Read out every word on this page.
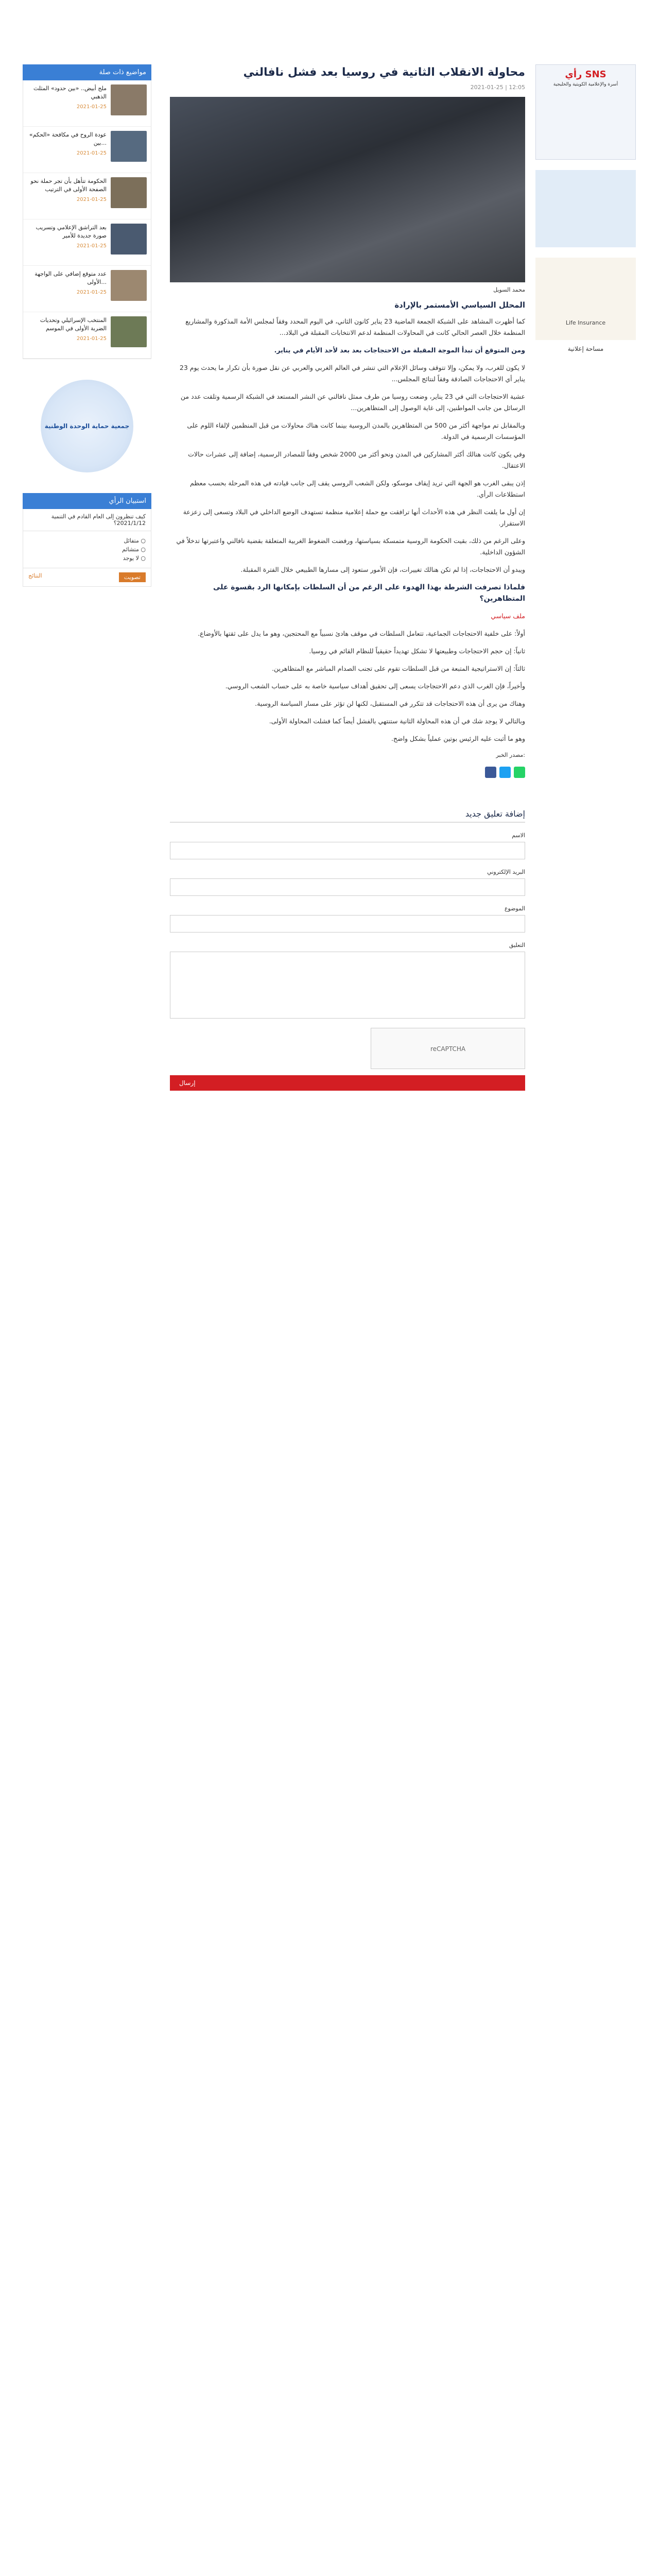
مواضيع ذات صلة
ملح أبيض.. «بين حدود» المثلث الذهبي
2021-01-25
عودة الروح في مكافحة «الحكم» بين...
2021-01-25
الحكومة تتأهل بأن تجر حملة نحو الصفحة الأولى في الترتيب
2021-01-25
بعد التراشق الإعلامي وتسريب صورة جديدة للأمير
2021-01-25
عدد متوقع إضافي على الواجهة الأولى...
2021-01-25
المنتخب الإسرائيلي وتحديات الضربة الأولى في الموسم
2021-01-25
جمعية حماية الوحدة الوطنية
استبيان الرأي
كيف تنظرون إلى العام القادم في التنمية 2021/1/12؟
متفائل ○
متشائم ○
لا يوجد ○
النتائج	تصويت
محاولة الانقلاب الثانية في روسيا بعد فشل نافالني
2021-01-25 | 12:05
محمد السويل
المحلل السياسي الأمستمر بالإرادة
كما أظهرت المشاهد على الشبكة الجمعة الماضية 23 يناير كانون الثاني، في اليوم المحدد وفقاً لمجلس الأمة المذكورة والمشاريع المنظمة خلال العصر الحالي كانت في المحاولات المنظمة لدعم الانتخابات المقبلة في البلاد...
ومن المتوقع أن تبدأ الموجة المقبلة من الاحتجاجات بعد بعد لأحد الأيام في يناير.
لا يكون للغرب، ولا يمكن، وإلا تتوقف وسائل الإعلام التي تنشر في العالم الغربي والعربي عن نقل صورة بأن تكرار ما يحدث يوم 23 يناير أي الاحتجاجات الصادقة وفقاً لنتائج المجلس...
عشية الاحتجاجات التي في 23 يناير، وضعت روسيا من طرف ممثل نافالني عن النشر المستعد في الشبكة الرسمية وتلقت عدد من الرسائل من جانب المواطنين، إلى غاية الوصول إلى المتظاهرين...
وبالمقابل تم مواجهة أكثر من 500 من المتظاهرين بالمدن الروسية بينما كانت هناك محاولات من قبل المنظمين لإلقاء اللوم على المؤسسات الرسمية في الدولة.
وفي يكون كانت هنالك أكثر المشاركين في المدن ونحو أكثر من 2000 شخص وفقاً للمصادر الرسمية، إضافة إلى عشرات حالات الاعتقال.
إذن يبقى الغرب هو الجهة التي تريد إيقاف موسكو، ولكن الشعب الروسي يقف إلى جانب قيادته في هذه المرحلة بحسب معظم استطلاعات الرأي.
إن أول ما يلفت النظر في هذه الأحداث أنها ترافقت مع حملة إعلامية منظمة تستهدف الوضع الداخلي في البلاد وتسعى إلى زعزعة الاستقرار.
وعلى الرغم من ذلك، بقيت الحكومة الروسية متمسكة بسياستها، ورفضت الضغوط الغربية المتعلقة بقضية نافالني واعتبرتها تدخلاً في الشؤون الداخلية.
ويبدو أن الاحتجاجات، إذا لم تكن هنالك تغييرات، فإن الأمور ستعود إلى مسارها الطبيعي خلال الفترة المقبلة.
فلماذا تصرفت الشرطة بهذا الهدوء على الرغم من أن السلطات بإمكانها الرد بقسوة على المتظاهرين؟
ملف سياسي
أولاً: على خلفية الاحتجاجات الجماعية، تتعامل السلطات في موقف هادئ نسبياً مع المحتجين، وهو ما يدل على ثقتها بالأوضاع.
ثانياً: إن حجم الاحتجاجات وطبيعتها لا تشكل تهديداً حقيقياً للنظام القائم في روسيا.
ثالثاً: إن الاستراتيجية المتبعة من قبل السلطات تقوم على تجنب الصدام المباشر مع المتظاهرين.
وأخيراً، فإن الغرب الذي دعم الاحتجاجات يسعى إلى تحقيق أهداف سياسية خاصة به على حساب الشعب الروسي.
وهناك من يرى أن هذه الاحتجاجات قد تتكرر في المستقبل، لكنها لن تؤثر على مسار السياسة الروسية.
وبالتالي لا يوجد شك في أن هذه المحاولة الثانية ستنتهي بالفشل أيضاً كما فشلت المحاولة الأولى.
وهو ما أثبت عليه الرئيس بوتين عملياً بشكل واضح.
مصدر الخبر:
إضافة تعليق جديد
الاسم
البريد الإلكتروني
الموضوع
التعليق
reCAPTCHA
إرسال
رأي SNS
أسرة والإعلامية الكويتية والخليجية
Life Insurance
مساحة إعلانية
